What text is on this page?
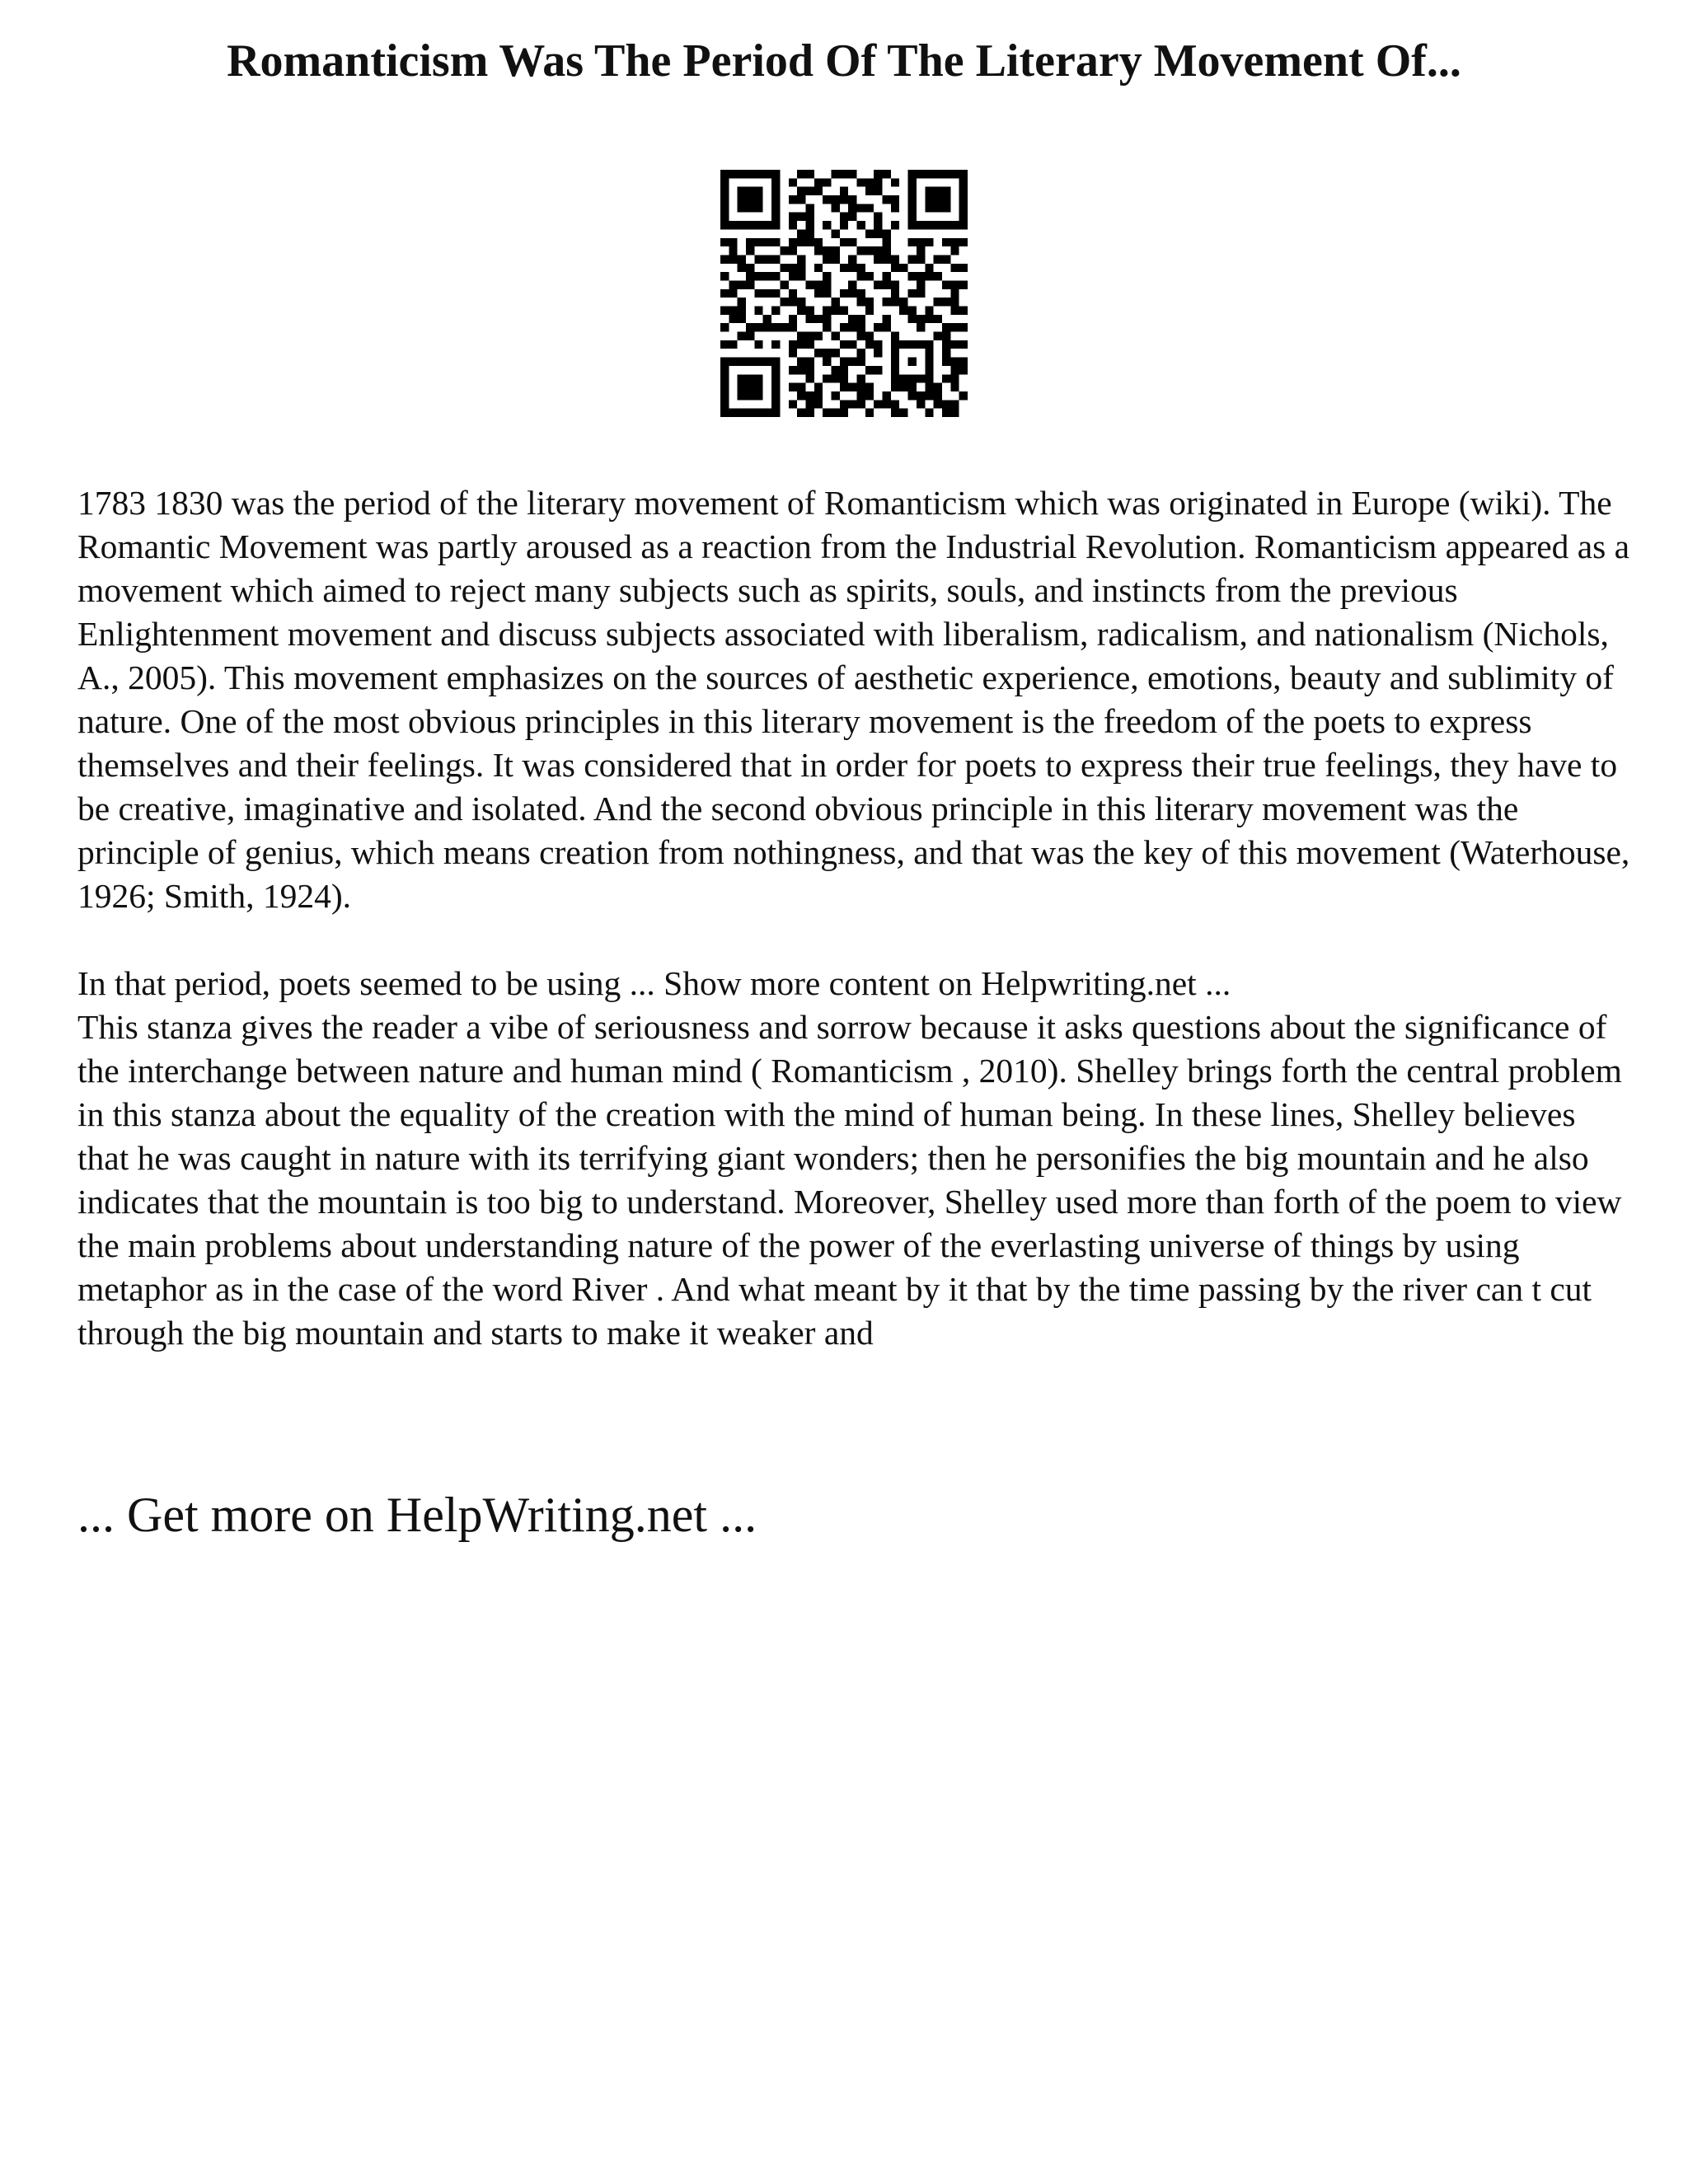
Romanticism Was The Period Of The Literary Movement Of...

1783 1830 was the period of the literary movement of Romanticism which was originated in Europe (wiki). The Romantic Movement was partly aroused as a reaction from the Industrial Revolution. Romanticism appeared as a movement which aimed to reject many subjects such as spirits, souls, and instincts from the previous Enlightenment movement and discuss subjects associated with liberalism, radicalism, and nationalism (Nichols, A., 2005). This movement emphasizes on the sources of aesthetic experience, emotions, beauty and sublimity of nature. One of the most obvious principles in this literary movement is the freedom of the poets to express themselves and their feelings. It was considered that in order for poets to express their true feelings, they have to be creative, imaginative and isolated. And the second obvious principle in this literary movement was the principle of genius, which means creation from nothingness, and that was the key of this movement (Waterhouse, 1926; Smith, 1924).

In that period, poets seemed to be using ... Show more content on Helpwriting.net ...

This stanza gives the reader a vibe of seriousness and sorrow because it asks questions about the significance of the interchange between nature and human mind ( Romanticism , 2010). Shelley brings forth the central problem in this stanza about the equality of the creation with the mind of human being. In these lines, Shelley believes that he was caught in nature with its terrifying giant wonders; then he personifies the big mountain and he also indicates that the mountain is too big to understand. Moreover, Shelley used more than forth of the poem to view the main problems about understanding nature of the power of the everlasting universe of things by using metaphor as in the case of the word River . And what meant by it that by the time passing by the river can t cut through the big mountain and starts to make it weaker and

... Get more on HelpWriting.net ...
